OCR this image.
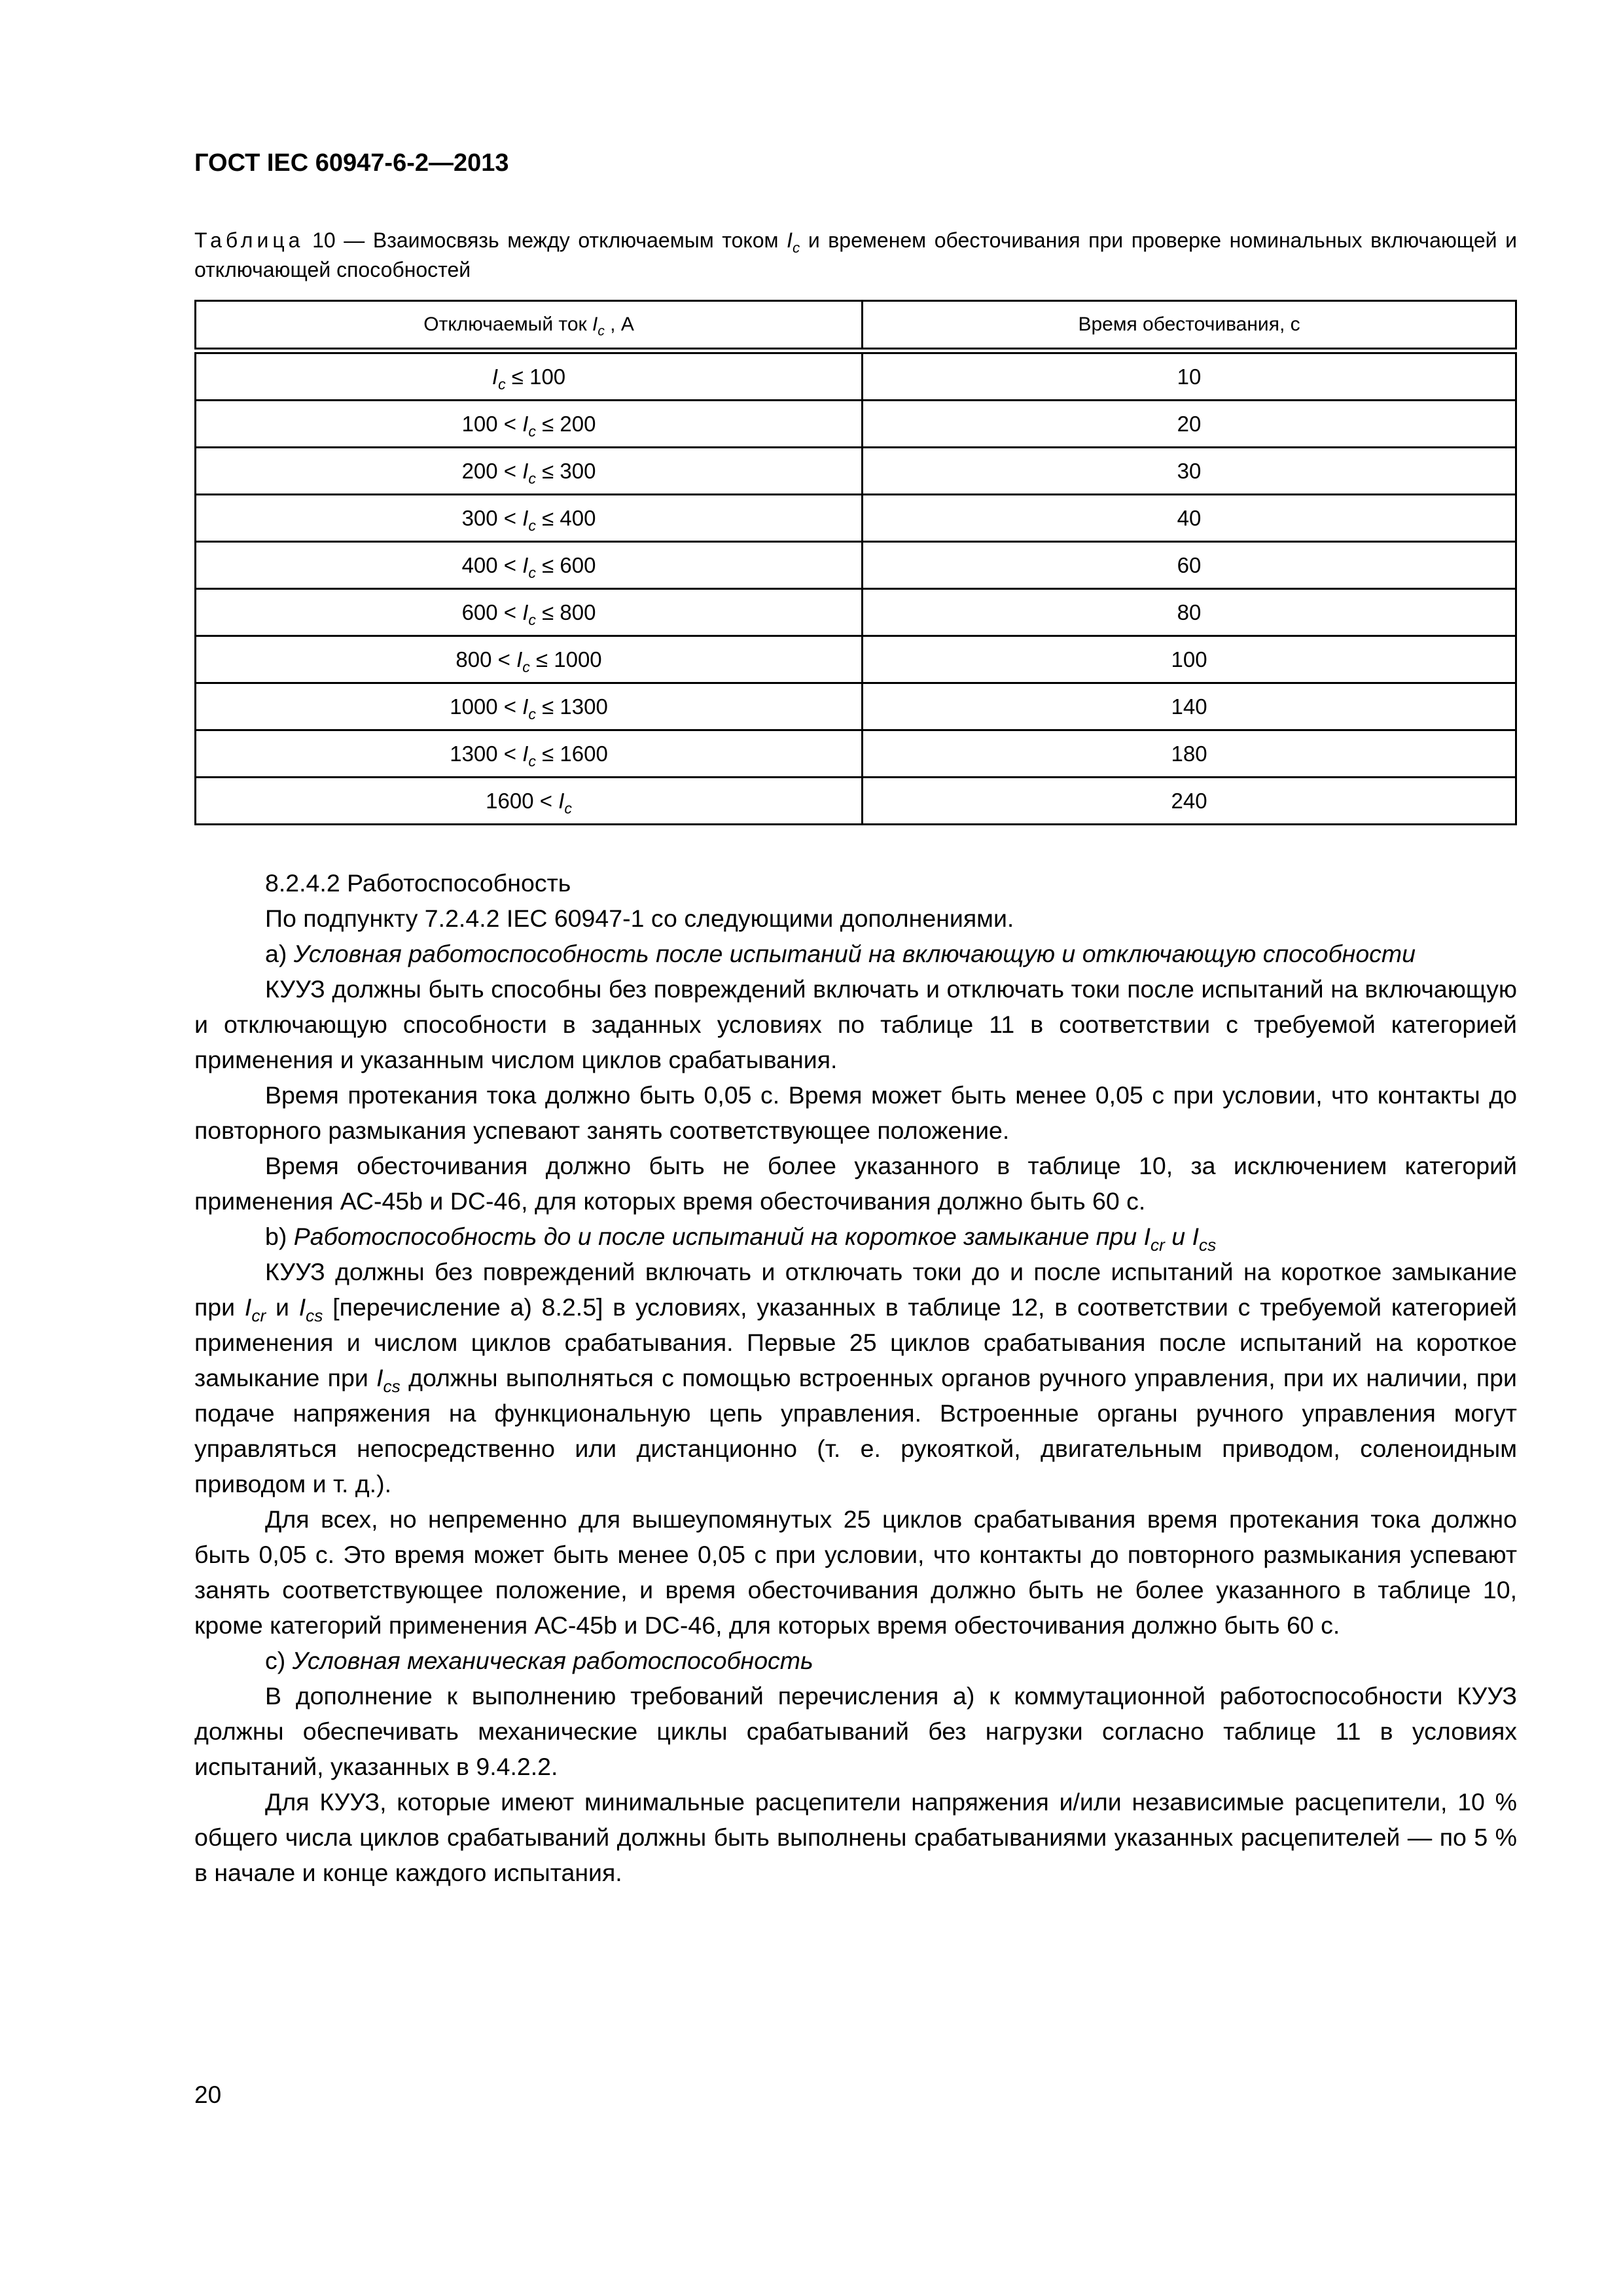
ГОСТ IEC 60947-6-2—2013
Таблица 10 — Взаимосвязь между отключаемым током $I_c$ и временем обесточивания при проверке номинальных включающей и отключающей способностей
Отключаемый ток $I_c$ , А	Время обесточивания, с
$I_c \le 100$	10
$100 < I_c \le 200$	20
$200 < I_c \le 300$	30
$300 < I_c \le 400$	40
$400 < I_c \le 600$	60
$600 < I_c \le 800$	80
$800 < I_c \le 1000$	100
$1000 < I_c \le 1300$	140
$1300 < I_c \le 1600$	180
$1600 < I_c$	240

8.2.4.2 Работоспособность

По подпункту 7.2.4.2 IEC 60947-1 со следующими дополнениями.

а) Условная работоспособность после испытаний на включающую и отключающую способности

КУУЗ должны быть способны без повреждений включать и отключать токи после испытаний на включающую и отключающую способности в заданных условиях по таблице 11 в соответствии с требуемой категорией применения и указанным числом циклов срабатывания.

Время протекания тока должно быть 0,05 с. Время может быть менее 0,05 с при условии, что контакты до повторного размыкания успевают занять соответствующее положение.

Время обесточивания должно быть не более указанного в таблице 10, за исключением категорий применения АС-45b и DC-46, для которых время обесточивания должно быть 60 с.

b) Работоспособность до и после испытаний на короткое замыкание при $I_{cr}$ и $I_{cs}$

КУУЗ должны без повреждений включать и отключать токи до и после испытаний на короткое замыкание при $I_{cr}$ и $I_{cs}$ [перечисление а) 8.2.5] в условиях, указанных в таблице 12, в соответствии с требуемой категорией применения и числом циклов срабатывания. Первые 25 циклов срабатывания после испытаний на короткое замыкание при $I_{cs}$ должны выполняться с помощью встроенных органов ручного управления, при их наличии, при подаче напряжения на функциональную цепь управления. Встроенные органы ручного управления могут управляться непосредственно или дистанционно (т. е. рукояткой, двигательным приводом, соленоидным приводом и т. д.).

Для всех, но непременно для вышеупомянутых 25 циклов срабатывания время протекания тока должно быть 0,05 с. Это время может быть менее 0,05 с при условии, что контакты до повторного размыкания успевают занять соответствующее положение, и время обесточивания должно быть не более указанного в таблице 10, кроме категорий применения АС-45b и DC-46, для которых время обесточивания должно быть 60 с.

с) Условная механическая работоспособность

В дополнение к выполнению требований перечисления а) к коммутационной работоспособности КУУЗ должны обеспечивать механические циклы срабатываний без нагрузки согласно таблице 11 в условиях испытаний, указанных в 9.4.2.2.

Для КУУЗ, которые имеют минимальные расцепители напряжения и/или независимые расцепители, 10 % общего числа циклов срабатываний должны быть выполнены срабатываниями указанных расцепителей — по 5 % в начале и конце каждого испытания.

20
